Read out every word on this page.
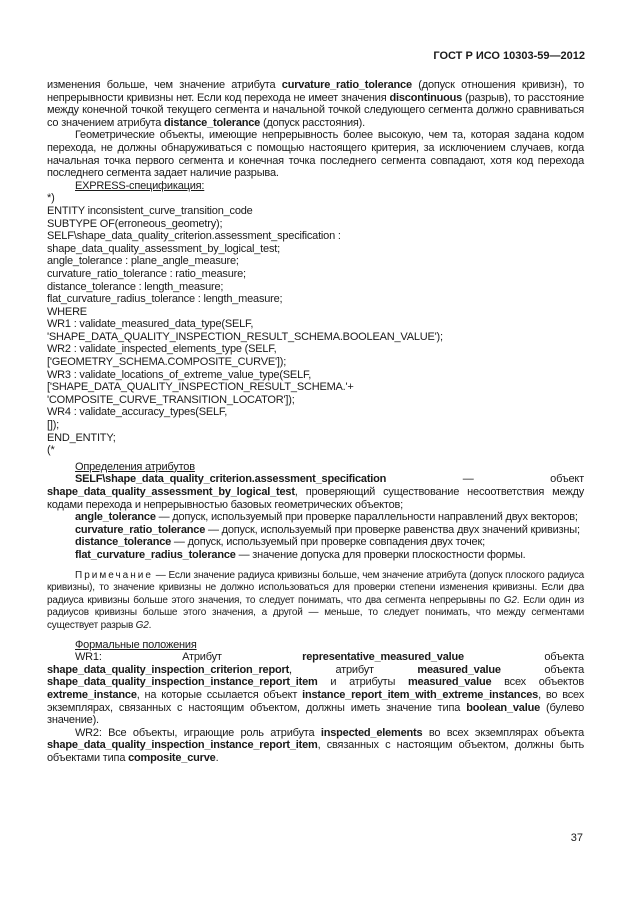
ГОСТ Р ИСО 10303-59—2012

изменения больше, чем значение атрибута curvature_ratio_tolerance (допуск отношения кривизн), то непрерывности кривизны нет. Если код перехода не имеет значения discontinuous (разрыв), то расстояние между конечной точкой текущего сегмента и начальной точкой следующего сегмента должно сравниваться со значением атрибута distance_tolerance (допуск расстояния).

Геометрические объекты, имеющие непрерывность более высокую, чем та, которая задана кодом перехода, не должны обнаруживаться с помощью настоящего критерия, за исключением случаев, когда начальная точка первого сегмента и конечная точка последнего сегмента совпадают, хотя код перехода последнего сегмента задает наличие разрыва.

EXPRESS-спецификация:

*)

ENTITY inconsistent_curve_transition_code

SUBTYPE OF(erroneous_geometry);

SELF\shape_data_quality_criterion.assessment_specification :

shape_data_quality_assessment_by_logical_test;

angle_tolerance : plane_angle_measure;

curvature_ratio_tolerance : ratio_measure;

distance_tolerance : length_measure;

flat_curvature_radius_tolerance : length_measure;

WHERE

WR1 : validate_measured_data_type(SELF,

'SHAPE_DATA_QUALITY_INSPECTION_RESULT_SCHEMA.BOOLEAN_VALUE');

WR2 : validate_inspected_elements_type (SELF,

['GEOMETRY_SCHEMA.COMPOSITE_CURVE']);

WR3 : validate_locations_of_extreme_value_type(SELF,

['SHAPE_DATA_QUALITY_INSPECTION_RESULT_SCHEMA.'+

'COMPOSITE_CURVE_TRANSITION_LOCATOR']);

WR4 : validate_accuracy_types(SELF,

[]);

END_ENTITY;

(*

Определения атрибутов

SELF\shape_data_quality_criterion.assessment_specification — объект shape_data_quality_assessment_by_logical_test, проверяющий существование несоответствия между кодами перехода и непрерывностью базовых геометрических объектов;

angle_tolerance — допуск, используемый при проверке параллельности направлений двух векторов;

curvature_ratio_tolerance — допуск, используемый при проверке равенства двух значений кривизны;

distance_tolerance — допуск, используемый при проверке совпадения двух точек;

flat_curvature_radius_tolerance — значение допуска для проверки плоскостности формы.

Примечание — Если значение радиуса кривизны больше, чем значение атрибута (допуск плоского радиуса кривизны), то значение кривизны не должно использоваться для проверки степени изменения кривизны. Если два радиуса кривизны больше этого значения, то следует понимать, что два сегмента непрерывны по G2. Если один из радиусов кривизны больше этого значения, а другой — меньше, то следует понимать, что между сегментами существует разрыв G2.

Формальные положения

WR1: Атрибут representative_measured_value объекта shape_data_quality_inspection_criterion_report, атрибут measured_value объекта shape_data_quality_inspection_instance_report_item и атрибуты measured_value всех объектов extreme_instance, на которые ссылается объект instance_report_item_with_extreme_instances, во всех экземплярах, связанных с настоящим объектом, должны иметь значение типа boolean_value (булево значение).

WR2: Все объекты, играющие роль атрибута inspected_elements во всех экземплярах объекта shape_data_quality_inspection_instance_report_item, связанных с настоящим объектом, должны быть объектами типа composite_curve.

37
